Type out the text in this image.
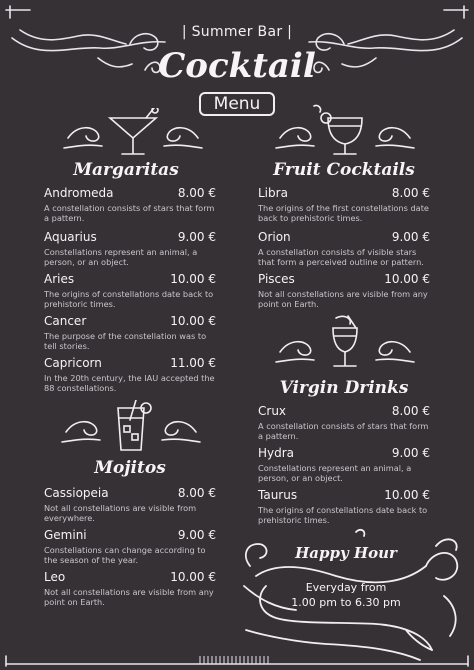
| Summer Bar |
Cocktail
Menu
Margaritas	Fruit Cocktails
Andromeda	8.00 €
A constellation consists of stars that form a pattern.
Aquarius	9.00 €
Constellations represent an animal, a person, or an object.
Aries	10.00 €
The origins of constellations date back to prehistoric times.
Cancer	10.00 €
The purpose of the constellation was to tell stories.
Capricorn	11.00 €
In the 20th century, the IAU accepted the 88 constellations.
Mojitos
Cassiopeia	8.00 €
Not all constellations are visible from everywhere.
Gemini	9.00 €
Constellations can change according to the season of the year.
Leo	10.00 €
Not all constellations are visible from any point on Earth.
Libra	8.00 €
The origins of the first constellations date back to prehistoric times.
Orion	9.00 €
A constellation consists of visible stars that form a perceived outline or pattern.
Pisces	10.00 €
Not all constellations are visible from any point on Earth.
Virgin Drinks
Crux	8.00 €
A constellation consists of stars that form a pattern.
Hydra	9.00 €
Constellations represent an animal, a person, or an object.
Taurus	10.00 €
The origins of constellations date back to prehistoric times.
Happy Hour
Everyday from
1.00 pm to 6.30 pm
